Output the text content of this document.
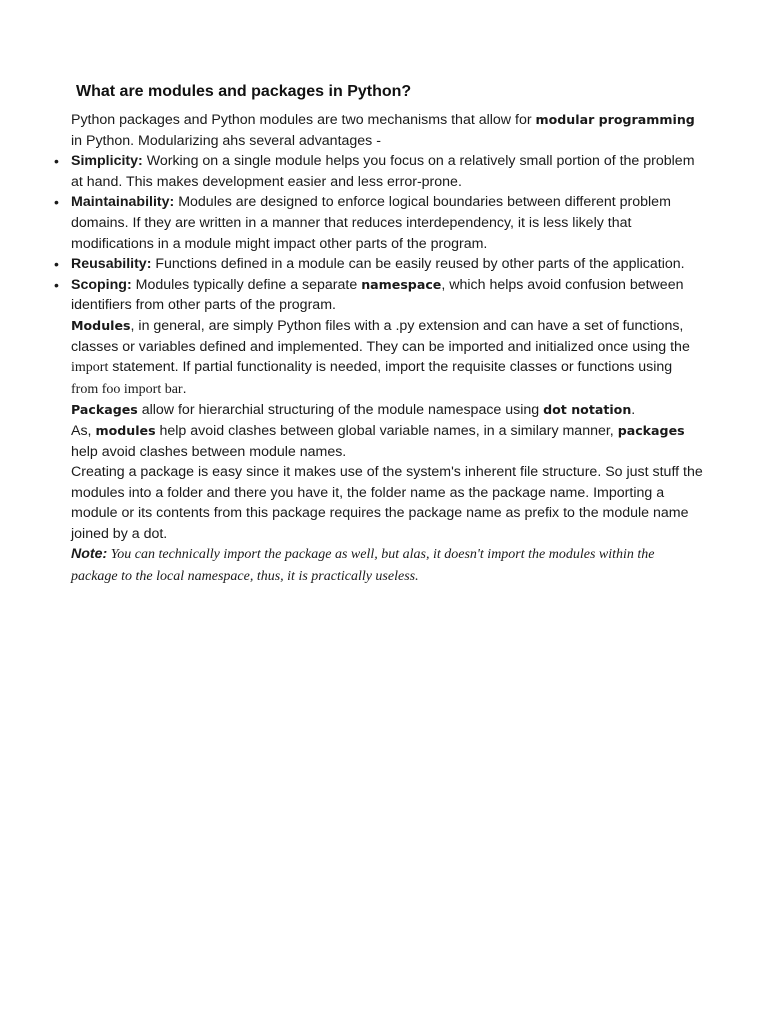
What are modules and packages in Python?

Python packages and Python modules are two mechanisms that allow for modular programming in Python. Modularizing ahs several advantages -

• Simplicity: Working on a single module helps you focus on a relatively small portion of the problem at hand. This makes development easier and less error-prone.
• Maintainability: Modules are designed to enforce logical boundaries between different problem domains. If they are written in a manner that reduces interdependency, it is less likely that modifications in a module might impact other parts of the program.
• Reusability: Functions defined in a module can be easily reused by other parts of the application.
• Scoping: Modules typically define a separate namespace, which helps avoid confusion between identifiers from other parts of the program.

Modules, in general, are simply Python files with a .py extension and can have a set of functions, classes or variables defined and implemented. They can be imported and initialized once using the import statement. If partial functionality is needed, import the requisite classes or functions using from foo import bar.

Packages allow for hierarchial structuring of the module namespace using dot notation.

As, modules help avoid clashes between global variable names, in a similary manner, packages help avoid clashes between module names.

Creating a package is easy since it makes use of the system's inherent file structure. So just stuff the modules into a folder and there you have it, the folder name as the package name. Importing a module or its contents from this package requires the package name as prefix to the module name joined by a dot.

Note: You can technically import the package as well, but alas, it doesn't import the modules within the package to the local namespace, thus, it is practically useless.
